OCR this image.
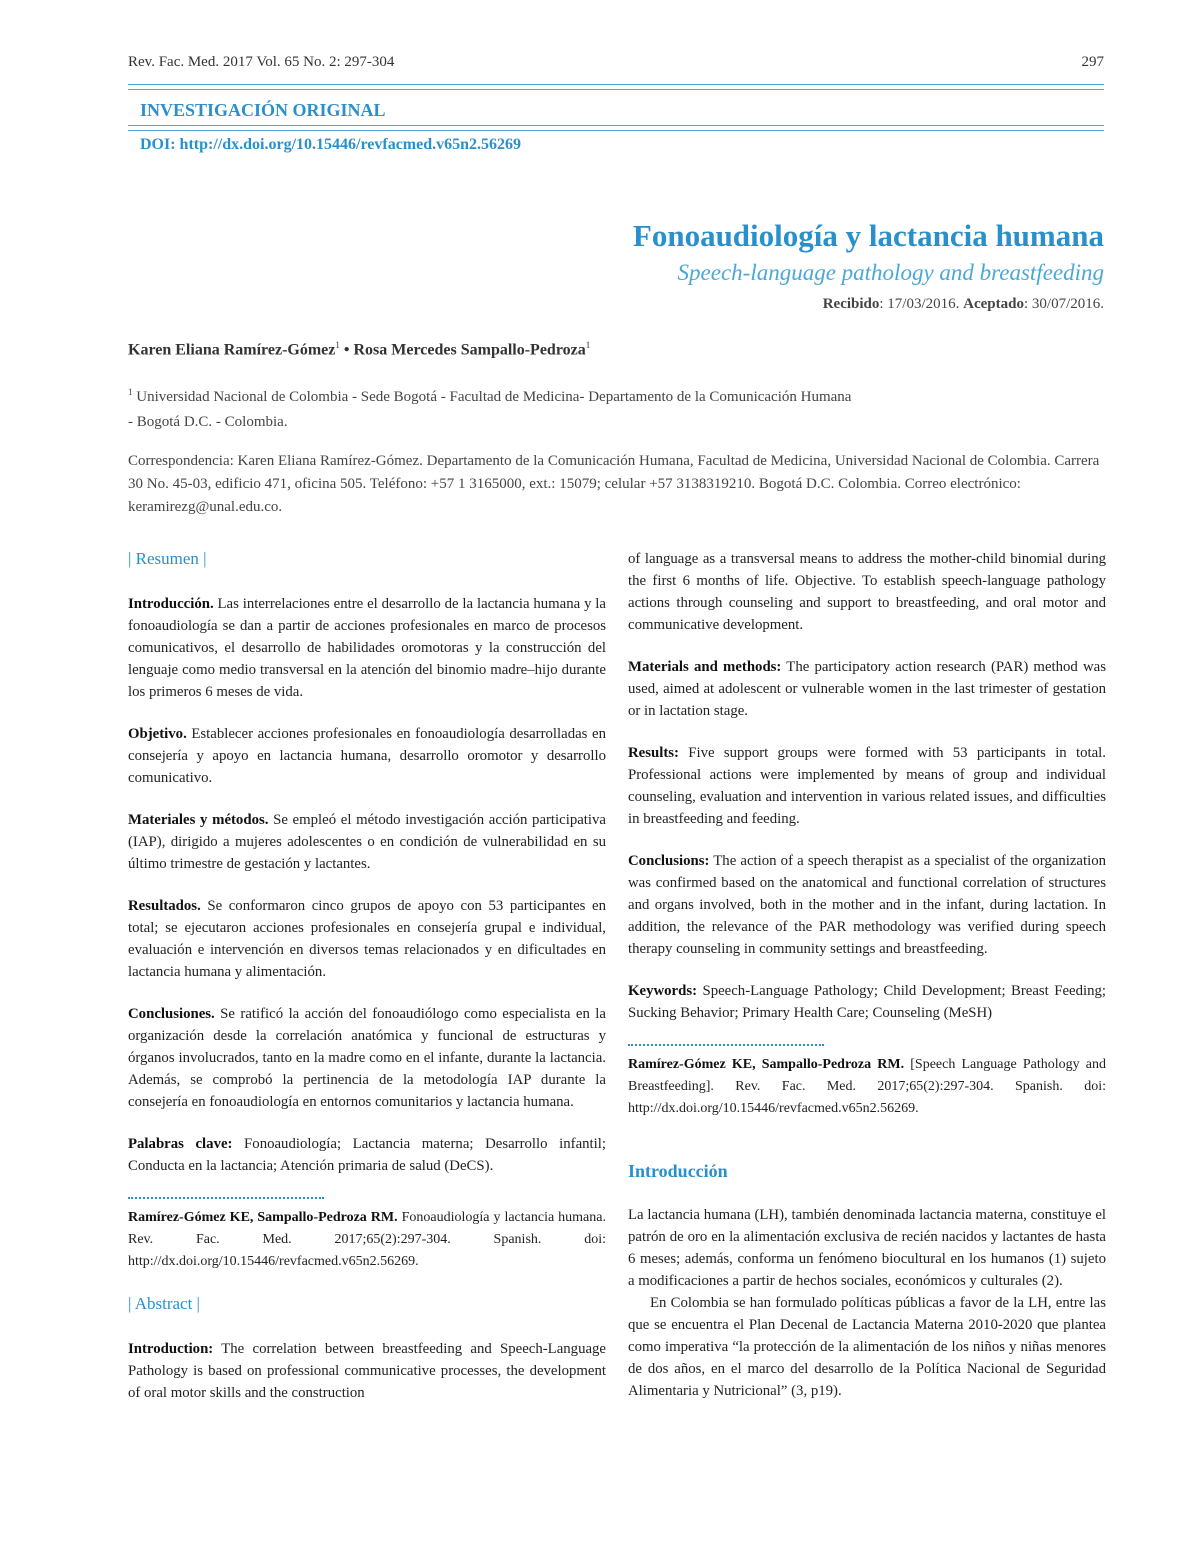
Rev. Fac. Med. 2017 Vol. 65 No. 2: 297-304	297
INVESTIGACIÓN ORIGINAL
DOI: http://dx.doi.org/10.15446/revfacmed.v65n2.56269
Fonoaudiología y lactancia humana
Speech-language pathology and breastfeeding
Recibido: 17/03/2016. Aceptado: 30/07/2016.
Karen Eliana Ramírez-Gómez$^1$ • Rosa Mercedes Sampallo-Pedroza$^1$
$^1$ Universidad Nacional de Colombia - Sede Bogotá - Facultad de Medicina- Departamento de la Comunicación Humana
- Bogotá D.C. - Colombia.
Correspondencia: Karen Eliana Ramírez-Gómez. Departamento de la Comunicación Humana, Facultad de Medicina, Universidad Nacional de Colombia. Carrera 30 No. 45-03, edificio 471, oficina 505. Teléfono: +57 1 3165000, ext.: 15079; celular +57 3138319210. Bogotá D.C. Colombia. Correo electrónico: keramirezg@unal.edu.co.
| Resumen |

Introducción. Las interrelaciones entre el desarrollo de la lactancia humana y la fonoaudiología se dan a partir de acciones profesionales en marco de procesos comunicativos, el desarrollo de habilidades oromotoras y la construcción del lenguaje como medio transversal en la atención del binomio madre–hijo durante los primeros 6 meses de vida.

Objetivo. Establecer acciones profesionales en fonoaudiología desarrolladas en consejería y apoyo en lactancia humana, desarrollo oromotor y desarrollo comunicativo.

Materiales y métodos. Se empleó el método investigación acción participativa (IAP), dirigido a mujeres adolescentes o en condición de vulnerabilidad en su último trimestre de gestación y lactantes.

Resultados. Se conformaron cinco grupos de apoyo con 53 participantes en total; se ejecutaron acciones profesionales en consejería grupal e individual, evaluación e intervención en diversos temas relacionados y en dificultades en lactancia humana y alimentación.

Conclusiones. Se ratificó la acción del fonoaudiólogo como especialista en la organización desde la correlación anatómica y funcional de estructuras y órganos involucrados, tanto en la madre como en el infante, durante la lactancia. Además, se comprobó la pertinencia de la metodología IAP durante la consejería en fonoaudiología en entornos comunitarios y lactancia humana.

Palabras clave: Fonoaudiología; Lactancia materna; Desarrollo infantil; Conducta en la lactancia; Atención primaria de salud (DeCS).

Ramírez-Gómez KE, Sampallo-Pedroza RM. Fonoaudiología y lactancia humana. Rev. Fac. Med. 2017;65(2):297-304. Spanish. doi: http://dx.doi.org/10.15446/revfacmed.v65n2.56269.

| Abstract |

Introduction: The correlation between breastfeeding and Speech-Language Pathology is based on professional communicative processes, the development of oral motor skills and the construction

of language as a transversal means to address the mother-child binomial during the first 6 months of life. Objective. To establish speech-language pathology actions through counseling and support to breastfeeding, and oral motor and communicative development.

Materials and methods: The participatory action research (PAR) method was used, aimed at adolescent or vulnerable women in the last trimester of gestation or in lactation stage.

Results: Five support groups were formed with 53 participants in total. Professional actions were implemented by means of group and individual counseling, evaluation and intervention in various related issues, and difficulties in breastfeeding and feeding.

Conclusions: The action of a speech therapist as a specialist of the organization was confirmed based on the anatomical and functional correlation of structures and organs involved, both in the mother and in the infant, during lactation. In addition, the relevance of the PAR methodology was verified during speech therapy counseling in community settings and breastfeeding.

Keywords: Speech-Language Pathology; Child Development; Breast Feeding; Sucking Behavior; Primary Health Care; Counseling (MeSH)

Ramírez-Gómez KE, Sampallo-Pedroza RM. [Speech Language Pathology and Breastfeeding]. Rev. Fac. Med. 2017;65(2):297-304. Spanish. doi: http://dx.doi.org/10.15446/revfacmed.v65n2.56269.

Introducción

La lactancia humana (LH), también denominada lactancia materna, constituye el patrón de oro en la alimentación exclusiva de recién nacidos y lactantes de hasta 6 meses; además, conforma un fenómeno biocultural en los humanos (1) sujeto a modificaciones a partir de hechos sociales, económicos y culturales (2).

En Colombia se han formulado políticas públicas a favor de la LH, entre las que se encuentra el Plan Decenal de Lactancia Materna 2010-2020 que plantea como imperativa “la protección de la alimentación de los niños y niñas menores de dos años, en el marco del desarrollo de la Política Nacional de Seguridad Alimentaria y Nutricional” (3, p19).
